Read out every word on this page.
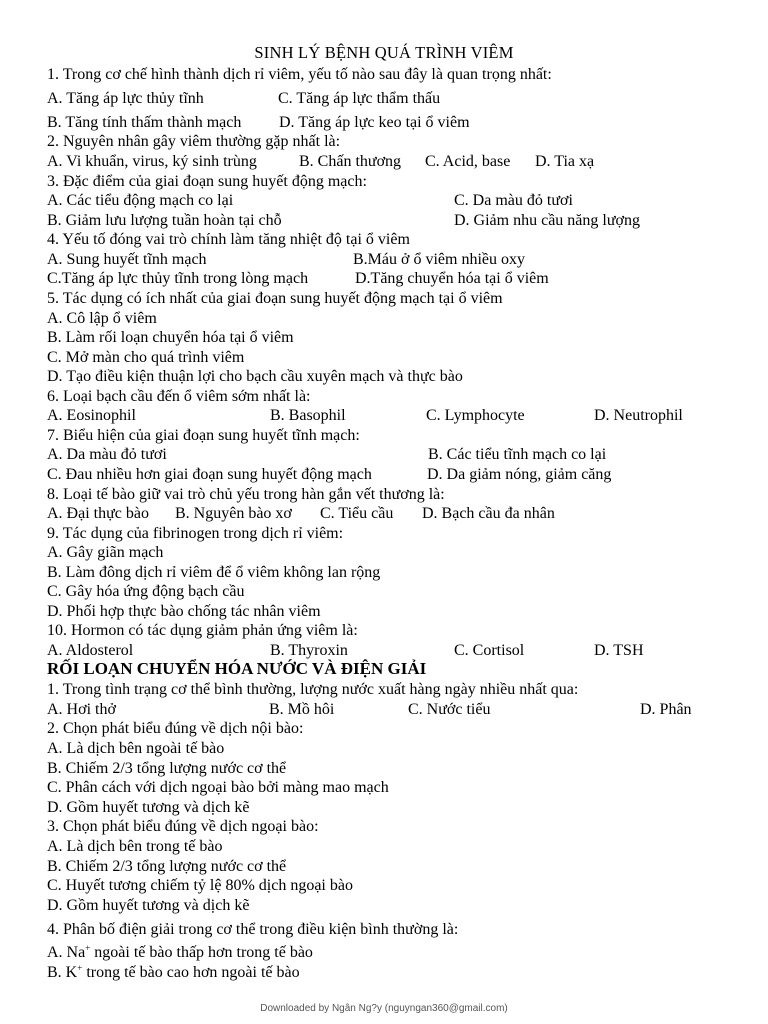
SINH LÝ BỆNH QUÁ TRÌNH VIÊM
1. Trong cơ chế hình thành dịch rỉ viêm, yếu tố nào sau đây là quan trọng nhất:
A. Tăng áp lực thủy tĩnh	C. Tăng áp lực thẩm thấu
B. Tăng tính thấm thành mạch D. Tăng áp lực keo tại ổ viêm
2. Nguyên nhân gây viêm thường gặp nhất là:
A. Vi khuẩn, virus, ký sinh trùng	B. Chấn thương C. Acid, base D. Tia xạ
3. Đặc điểm của giai đoạn sung huyết động mạch:
A. Các tiểu động mạch co lại	C. Da màu đỏ tươi
B. Giảm lưu lượng tuần hoàn tại chỗ	D. Giảm nhu cầu năng lượng
4. Yếu tố đóng vai trò chính làm tăng nhiệt độ tại ổ viêm
A. Sung huyết tĩnh mạch	B.Máu ở ổ viêm nhiều oxy
C.Tăng áp lực thủy tĩnh trong lòng mạch	D.Tăng chuyển hóa tại ổ viêm
5. Tác dụng có ích nhất của giai đoạn sung huyết động mạch tại ổ viêm
A. Cô lập ổ viêm
B. Làm rối loạn chuyển hóa tại ổ viêm
C. Mở màn cho quá trình viêm
D. Tạo điều kiện thuận lợi cho bạch cầu xuyên mạch và thực bào
6. Loại bạch cầu đến ổ viêm sớm nhất là:
A. Eosinophil	B. Basophil	C. Lymphocyte	D. Neutrophil
7. Biểu hiện của giai đoạn sung huyết tĩnh mạch:
A. Da màu đỏ tươi	B. Các tiểu tĩnh mạch co lại
C. Đau nhiều hơn giai đoạn sung huyết động mạch	D. Da giảm nóng, giảm căng
8. Loại tế bào giữ vai trò chủ yếu trong hàn gắn vết thương là:
A. Đại thực bào B. Nguyên bào xơ C. Tiểu cầu D. Bạch cầu đa nhân
9. Tác dụng của fibrinogen trong dịch rỉ viêm:
A. Gây giãn mạch
B. Làm đông dịch rỉ viêm để ổ viêm không lan rộng
C. Gây hóa ứng động bạch cầu
D. Phối hợp thực bào chống tác nhân viêm
10. Hormon có tác dụng giảm phản ứng viêm là:
A. Aldosterol	B. Thyroxin	C. Cortisol	D. TSH
RỐI LOẠN CHUYỂN HÓA NƯỚC VÀ ĐIỆN GIẢI
1. Trong tình trạng cơ thể bình thường, lượng nước xuất hàng ngày nhiều nhất qua:
A. Hơi thở	B. Mồ hôi	C. Nước tiểu	D. Phân
2. Chọn phát biểu đúng về dịch nội bào:
A. Là dịch bên ngoài tế bào
B. Chiếm 2/3 tổng lượng nước cơ thể
C. Phân cách với dịch ngoại bào bởi màng mao mạch
D. Gồm huyết tương và dịch kẽ
3. Chọn phát biểu đúng về dịch ngoại bào:
A. Là dịch bên trong tế bào
B. Chiếm 2/3 tổng lượng nước cơ thể
C. Huyết tương chiếm tỷ lệ 80% dịch ngoại bào
D. Gồm huyết tương và dịch kẽ
4. Phân bố điện giải trong cơ thể trong điều kiện bình thường là:
A. Na+ ngoài tế bào thấp hơn trong tế bào
B. K+ trong tế bào cao hơn ngoài tế bào
Downloaded by Ngân Ng?y (nguyngan360@gmail.com)
